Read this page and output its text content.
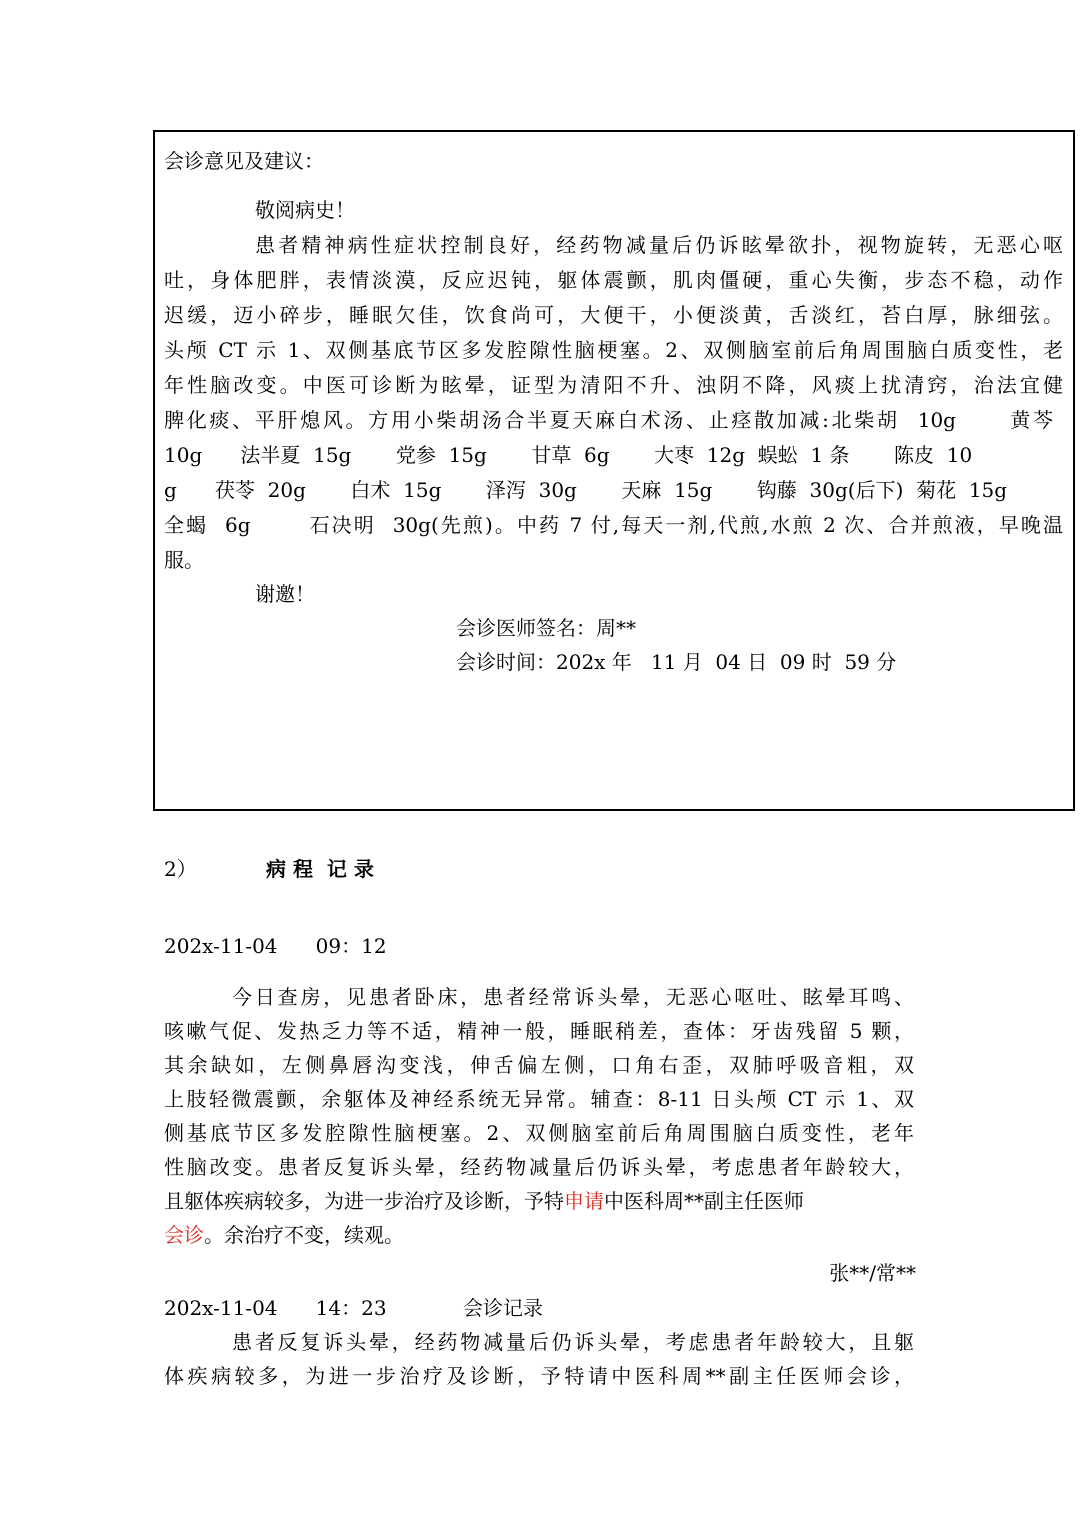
会诊意见及建议：
敬阅病史！
患者精神病性症状控制良好，经药物减量后仍诉眩晕欲扑，视物旋转，无恶心呕
吐，身体肥胖，表情淡漠，反应迟钝，躯体震颤，肌肉僵硬，重心失衡，步态不稳，动作
迟缓，迈小碎步，睡眠欠佳，饮食尚可，大便干，小便淡黄，舌淡红，苔白厚，脉细弦。
头颅 CT 示 1、双侧基底节区多发腔隙性脑梗塞。2、双侧脑室前后角周围脑白质变性，老
年性脑改变。中医可诊断为眩晕，证型为清阳不升、浊阴不降，风痰上扰清窍，治法宜健
脾化痰、平肝熄风。方用小柴胡汤合半夏天麻白术汤、止痉散加减:北柴胡  10g      黄芩
10g      法半夏  15g       党参  15g       甘草  6g       大枣  12g  蜈蚣  1 条       陈皮  10
g      茯苓  20g       白术  15g       泽泻  30g       天麻  15g       钩藤  30g(后下)  菊花  15g
全蝎  6g       石决明  30g(先煎)。中药 7 付,每天一剂,代煎,水煎 2 次、合并煎液，早晚温
服。
谢邀！
会诊医师签名：周**
会诊时间：202x 年   11 月  04 日  09 时  59 分
2）	病 程  记 录
202x-11-04      09：12
今日查房，见患者卧床，患者经常诉头晕，无恶心呕吐、眩晕耳鸣、
咳嗽气促、发热乏力等不适，精神一般，睡眠稍差，查体：牙齿残留 5 颗，
其余缺如，左侧鼻唇沟变浅，伸舌偏左侧，口角右歪，双肺呼吸音粗，双
上肢轻微震颤，余躯体及神经系统无异常。辅查：8-11 日头颅 CT 示 1、双
侧基底节区多发腔隙性脑梗塞。2、双侧脑室前后角周围脑白质变性，老年
性脑改变。患者反复诉头晕，经药物减量后仍诉头晕，考虑患者年龄较大，
且躯体疾病较多，为进一步治疗及诊断，予特申请中医科周**副主任医师
会诊。余治疗不变，续观。
张**/常**
202x-11-04      14：23	会诊记录
患者反复诉头晕，经药物减量后仍诉头晕，考虑患者年龄较大，且躯
体疾病较多，为进一步治疗及诊断，予特请中医科周**副主任医师会诊，
